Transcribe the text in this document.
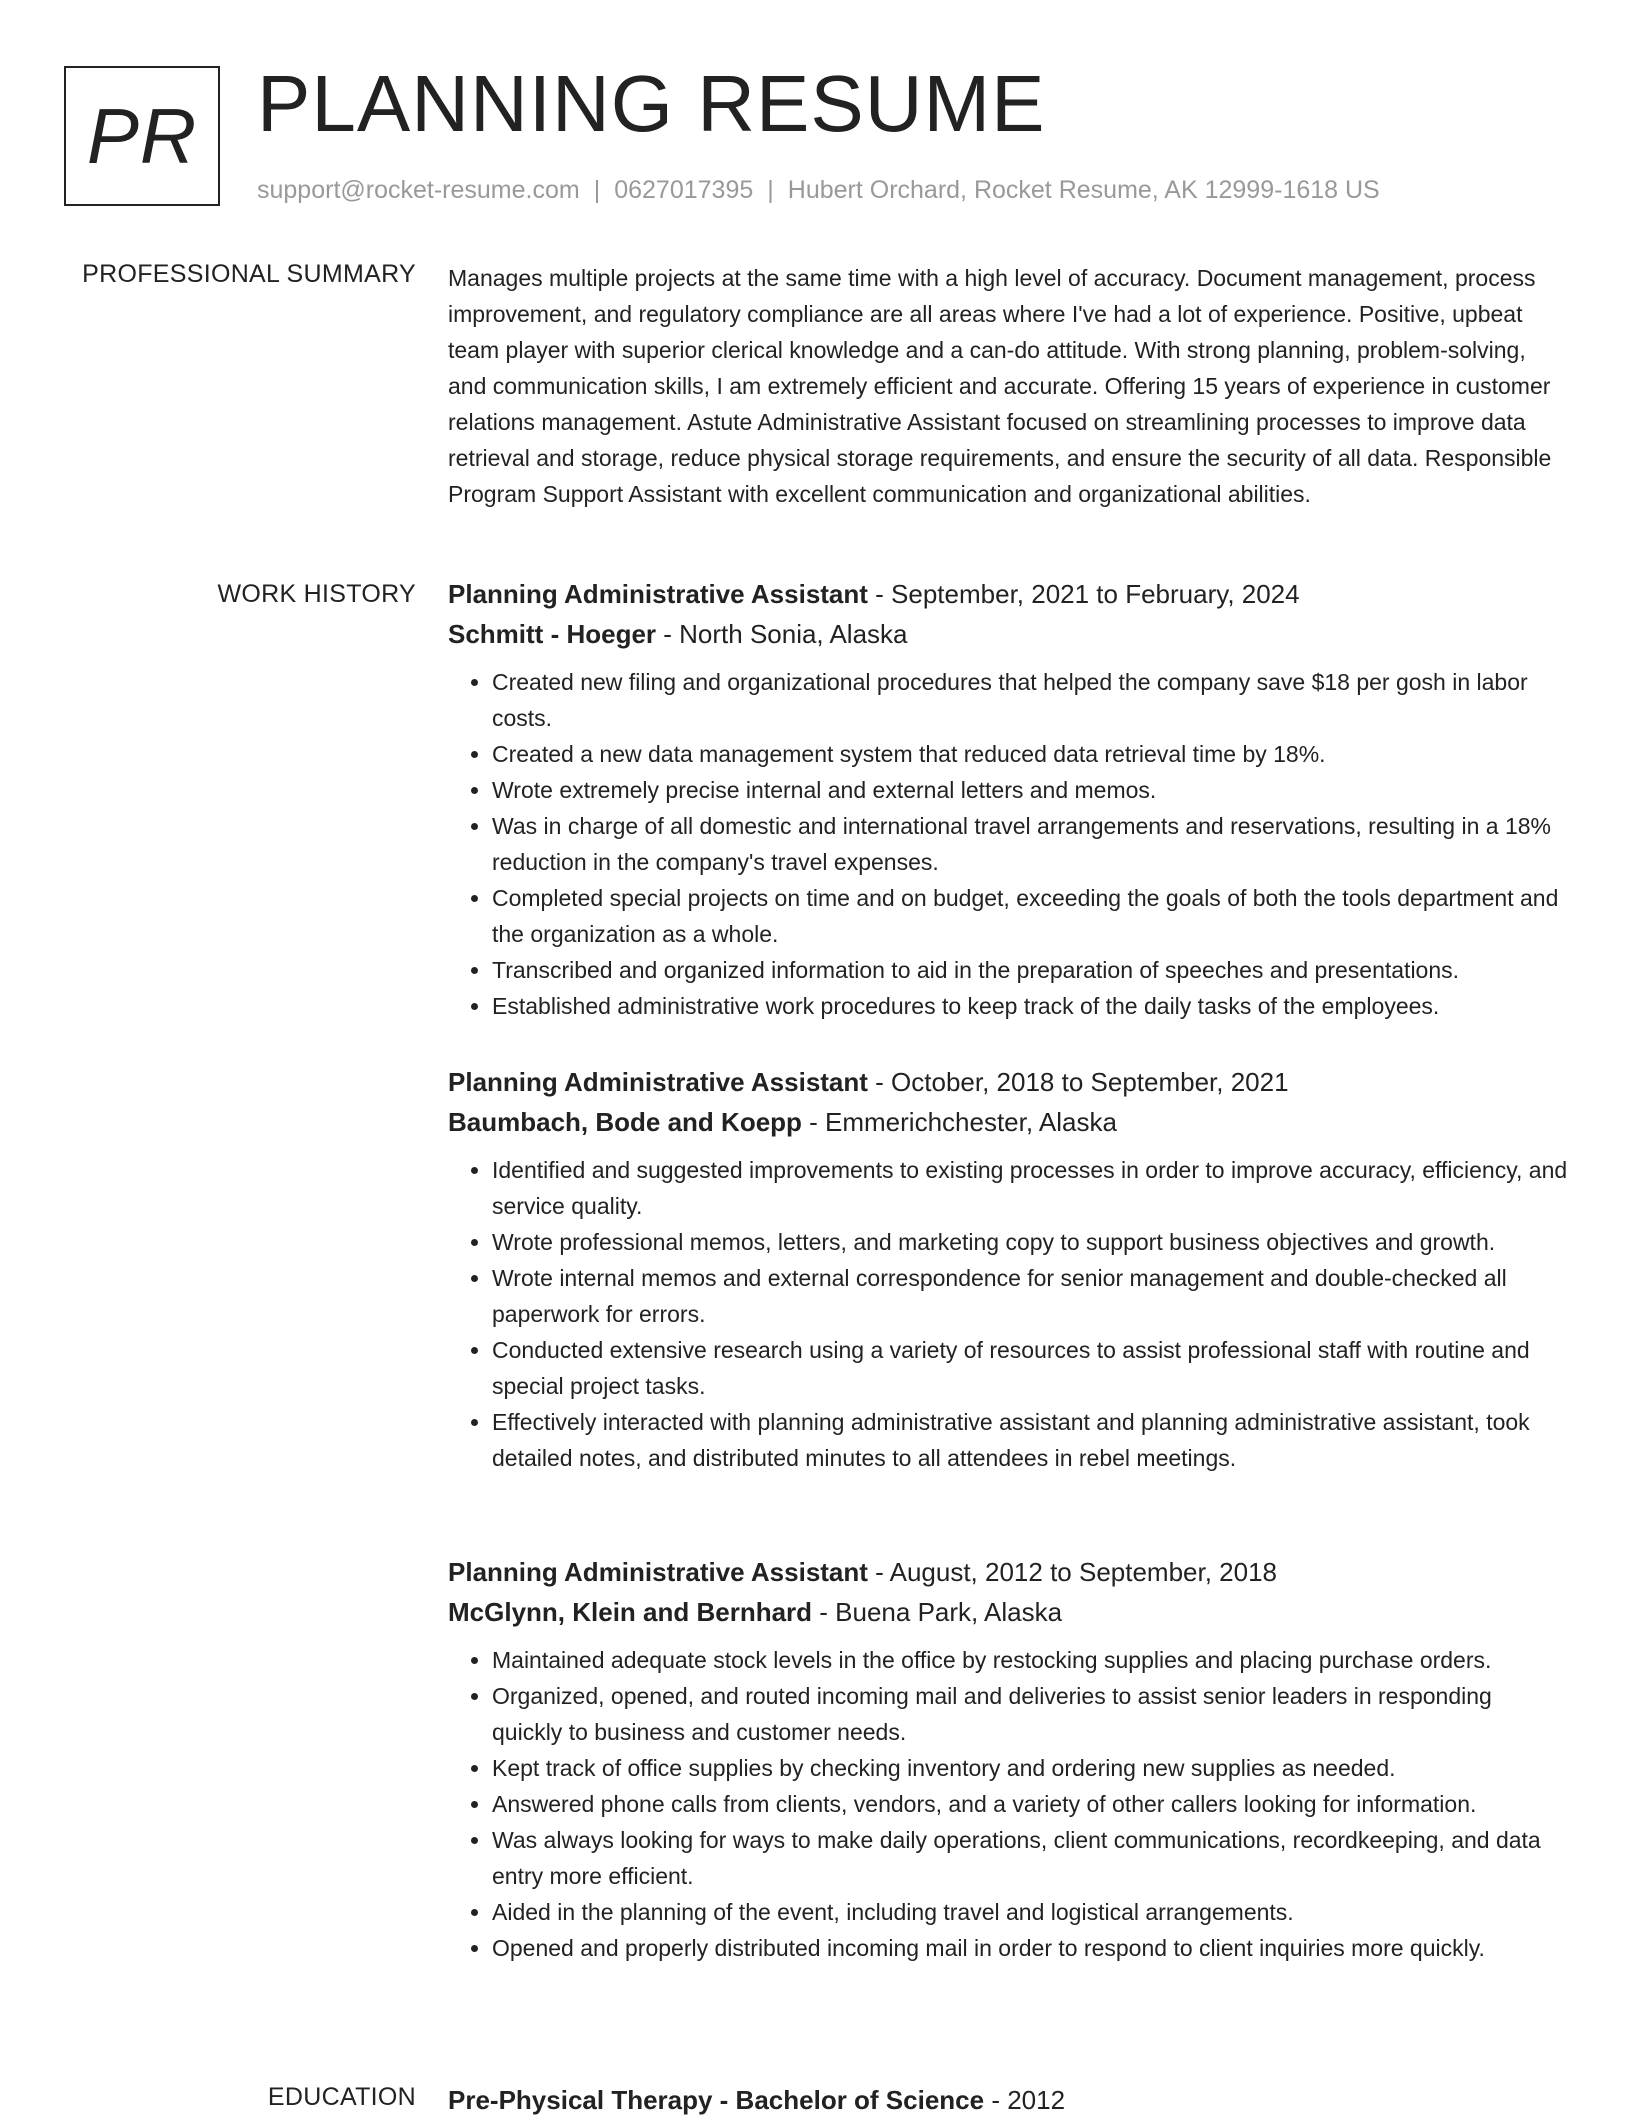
PR PLANNING RESUME
support@rocket-resume.com | 0627017395 | Hubert Orchard, Rocket Resume, AK 12999-1618 US
PROFESSIONAL SUMMARY Manages multiple projects at the same time with a high level of accuracy. Document management, process improvement, and regulatory compliance are all areas where I've had a lot of experience. Positive, upbeat team player with superior clerical knowledge and a can-do attitude. With strong planning, problem-solving, and communication skills, I am extremely efficient and accurate. Offering 15 years of experience in customer relations management. Astute Administrative Assistant focused on streamlining processes to improve data retrieval and storage, reduce physical storage requirements, and ensure the security of all data. Responsible Program Support Assistant with excellent communication and organizational abilities.

WORK HISTORY Planning Administrative Assistant - September, 2021 to February, 2024
Schmitt - Hoeger - North Sonia, Alaska
• Created new filing and organizational procedures that helped the company save $18 per gosh in labor costs.
• Created a new data management system that reduced data retrieval time by 18%.
• Wrote extremely precise internal and external letters and memos.
• Was in charge of all domestic and international travel arrangements and reservations, resulting in a 18% reduction in the company's travel expenses.
• Completed special projects on time and on budget, exceeding the goals of both the tools department and the organization as a whole.
• Transcribed and organized information to aid in the preparation of speeches and presentations.
• Established administrative work procedures to keep track of the daily tasks of the employees.
Planning Administrative Assistant - October, 2018 to September, 2021
Baumbach, Bode and Koepp - Emmerichchester, Alaska
• Identified and suggested improvements to existing processes in order to improve accuracy, efficiency, and service quality.
• Wrote professional memos, letters, and marketing copy to support business objectives and growth.
• Wrote internal memos and external correspondence for senior management and double-checked all paperwork for errors.
• Conducted extensive research using a variety of resources to assist professional staff with routine and special project tasks.
• Effectively interacted with planning administrative assistant and planning administrative assistant, took detailed notes, and distributed minutes to all attendees in rebel meetings.
Planning Administrative Assistant - August, 2012 to September, 2018
McGlynn, Klein and Bernhard - Buena Park, Alaska
• Maintained adequate stock levels in the office by restocking supplies and placing purchase orders.
• Organized, opened, and routed incoming mail and deliveries to assist senior leaders in responding quickly to business and customer needs.
• Kept track of office supplies by checking inventory and ordering new supplies as needed.
• Answered phone calls from clients, vendors, and a variety of other callers looking for information.
• Was always looking for ways to make daily operations, client communications, recordkeeping, and data entry more efficient.
• Aided in the planning of the event, including travel and logistical arrangements.
• Opened and properly distributed incoming mail in order to respond to client inquiries more quickly.
EDUCATION Pre-Physical Therapy - Bachelor of Science - 2012
